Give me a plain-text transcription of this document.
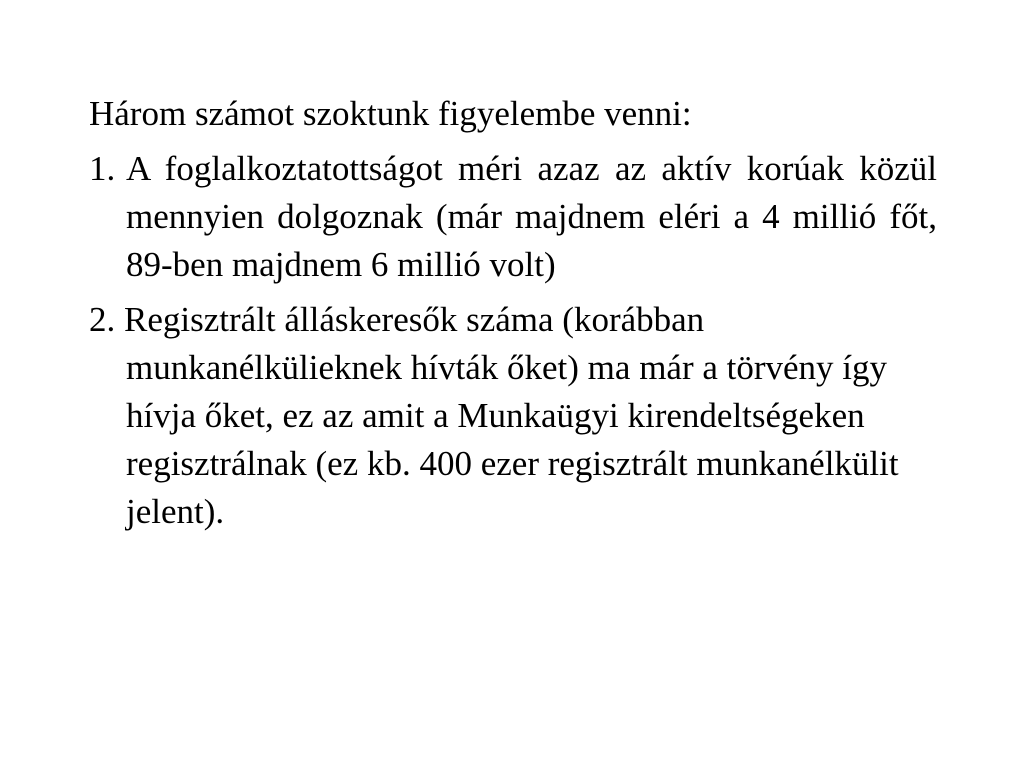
Három számot szoktunk figyelembe venni:

1. A foglalkoztatottságot méri azaz az aktív korúak közül mennyien dolgoznak (már majdnem eléri a 4 millió főt, 89-ben majdnem 6 millió volt)
2. Regisztrált álláskeresők száma (korábban munkanélkülieknek hívták őket) ma már a törvény így hívja őket, ez az amit a Munkaügyi kirendeltségeken regisztrálnak (ez kb. 400 ezer regisztrált munkanélkülit jelent).
